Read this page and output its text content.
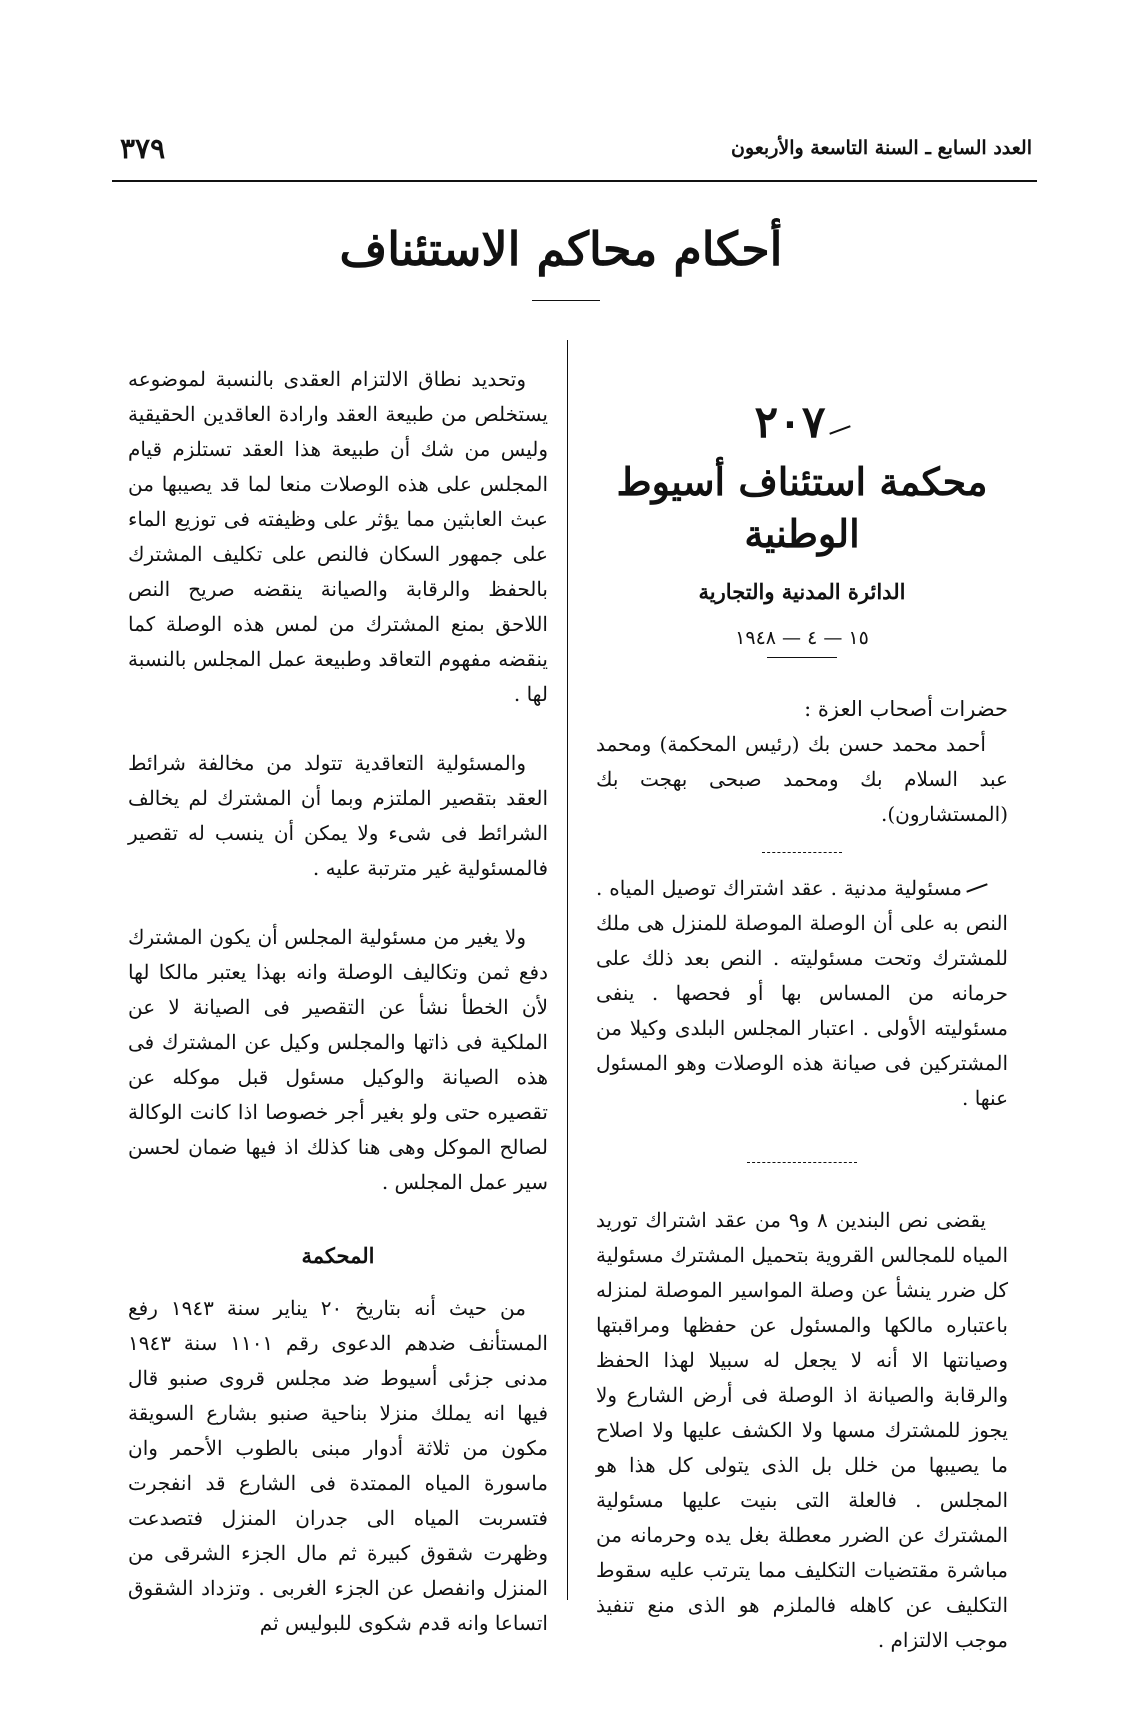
٣٧٩	العدد السابع ـ السنة التاسعة والأربعون
أحكام محاكم الاستئناف
٢٠٧
محكمة استئناف أسيوط الوطنية
الدائرة المدنية والتجارية
١٥ — ٤ — ١٩٤٨
حضرات أصحاب العزة :

أحمد محمد حسن بك (رئيس المحكمة) ومحمد عبد السلام بك ومحمد صبحى بهجت بك (المستشارون).

مسئولية مدنية . عقد اشتراك توصيل المياه . النص به على أن الوصلة الموصلة للمنزل هى ملك للمشترك وتحت مسئوليته . النص بعد ذلك على حرمانه من المساس بها أو فحصها . ينفى مسئوليته الأولى . اعتبار المجلس البلدى وكيلا من المشتركين فى صيانة هذه الوصلات وهو المسئول عنها .

يقضى نص البندين ٨ و٩ من عقد اشتراك توريد المياه للمجالس القروية بتحميل المشترك مسئولية كل ضرر ينشأ عن وصلة المواسير الموصلة لمنزله باعتباره مالكها والمسئول عن حفظها ومراقبتها وصيانتها الا أنه لا يجعل له سبيلا لهذا الحفظ والرقابة والصيانة اذ الوصلة فى أرض الشارع ولا يجوز للمشترك مسها ولا الكشف عليها ولا اصلاح ما يصيبها من خلل بل الذى يتولى كل هذا هو المجلس . فالعلة التى بنيت عليها مسئولية المشترك عن الضرر معطلة بغل يده وحرمانه من مباشرة مقتضيات التكليف مما يترتب عليه سقوط التكليف عن كاهله فالملزم هو الذى منع تنفيذ موجب الالتزام .

وتحديد نطاق الالتزام العقدى بالنسبة لموضوعه يستخلص من طبيعة العقد وارادة العاقدين الحقيقية وليس من شك أن طبيعة هذا العقد تستلزم قيام المجلس على هذه الوصلات منعا لما قد يصيبها من عبث العابثين مما يؤثر على وظيفته فى توزيع الماء على جمهور السكان فالنص على تكليف المشترك بالحفظ والرقابة والصيانة ينقضه صريح النص اللاحق بمنع المشترك من لمس هذه الوصلة كما ينقضه مفهوم التعاقد وطبيعة عمل المجلس بالنسبة لها .

والمسئولية التعاقدية تتولد من مخالفة شرائط العقد بتقصير الملتزم وبما أن المشترك لم يخالف الشرائط فى شىء ولا يمكن أن ينسب له تقصير فالمسئولية غير مترتبة عليه .

ولا يغير من مسئولية المجلس أن يكون المشترك دفع ثمن وتكاليف الوصلة وانه بهذا يعتبر مالكا لها لأن الخطأ نشأ عن التقصير فى الصيانة لا عن الملكية فى ذاتها والمجلس وكيل عن المشترك فى هذه الصيانة والوكيل مسئول قبل موكله عن تقصيره حتى ولو بغير أجر خصوصا اذا كانت الوكالة لصالح الموكل وهى هنا كذلك اذ فيها ضمان لحسن سير عمل المجلس .

المحكمة

من حيث أنه بتاريخ ٢٠ يناير سنة ١٩٤٣ رفع المستأنف ضدهم الدعوى رقم ١١٠١ سنة ١٩٤٣ مدنى جزئى أسيوط ضد مجلس قروى صنبو قال فيها انه يملك منزلا بناحية صنبو بشارع السويقة مكون من ثلاثة أدوار مبنى بالطوب الأحمر وان ماسورة المياه الممتدة فى الشارع قد انفجرت فتسربت المياه الى جدران المنزل فتصدعت وظهرت شقوق كبيرة ثم مال الجزء الشرقى من المنزل وانفصل عن الجزء الغربى . وتزداد الشقوق اتساعا وانه قدم شكوى للبوليس ثم
